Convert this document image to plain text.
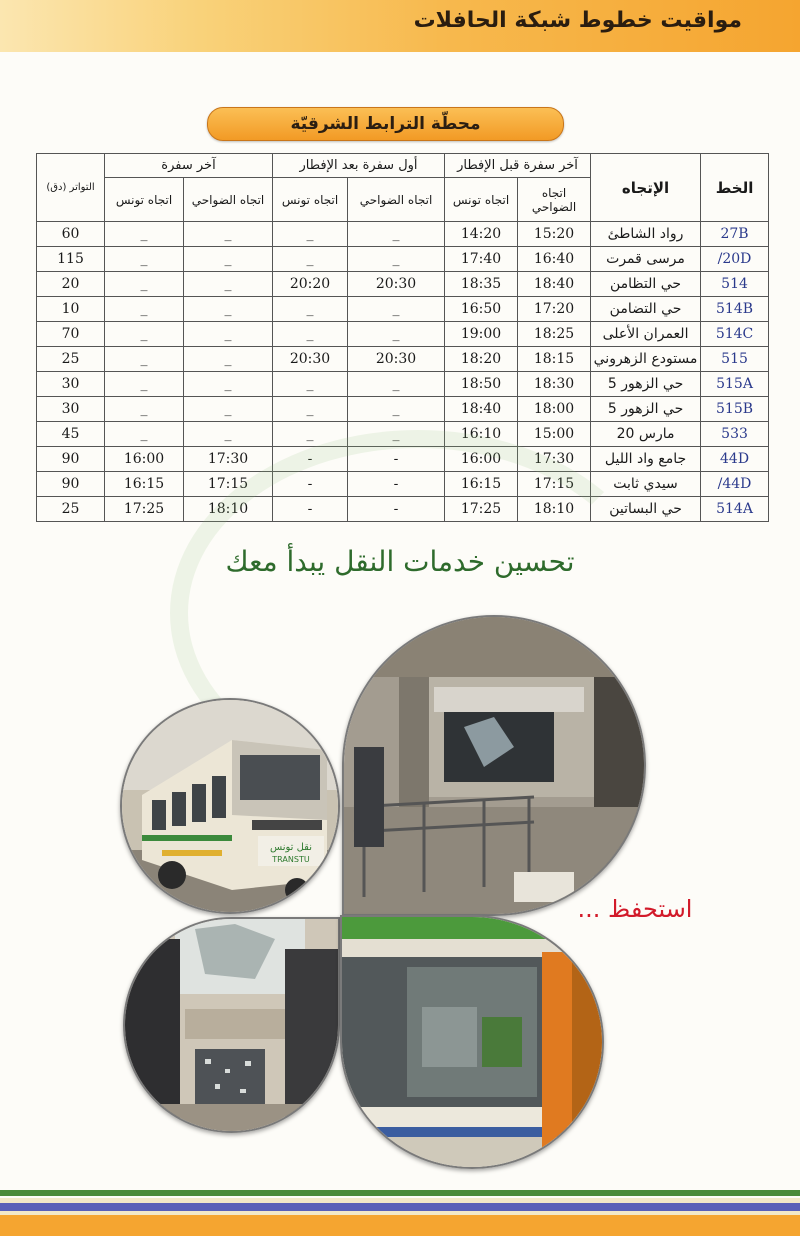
مواقيت خطوط شبكة الحافلات
محطّة الترابط الشرقيّة
الخط	الإتجاه	آخر سفرة قبل الإفطار		أول سفرة بعد الإفطار		آخر سفرة		التواتر (دق)
		اتجاه الضواحي	اتجاه تونس	اتجاه الضواحي	اتجاه تونس	اتجاه الضواحي	اتجاه تونس	
27B	رواد الشاطئ	15:20	14:20	_	_	_	_	60
20D/	مرسى قمرت	16:40	17:40	_	_	_	_	115
514	حي التظامن	18:40	18:35	20:30	20:20	_	_	20
514B	حي التضامن	17:20	16:50	_	_	_	_	10
514C	العمران الأعلى	18:25	19:00	_	_	_	_	70
515	مستودع الزهروني	18:15	18:20	20:30	20:30	_	_	25
515A	حي الزهور 5	18:30	18:50	_	_	_	_	30
515B	حي الزهور 5	18:00	18:40	_	_	_	_	30
533	مارس 20	15:00	16:10	_	_	_	_	45
44D	جامع واد الليل	17:30	16:00	-	-	17:30	16:00	90
44D/	سيدي ثابت	17:15	16:15	-	-	17:15	16:15	90
514A	حي البساتين	18:10	17:25	-	-	18:10	17:25	25
تحسين خدمات النقل يبدأ معك
نقل تونس
TRANSTU
استحفظ ...
